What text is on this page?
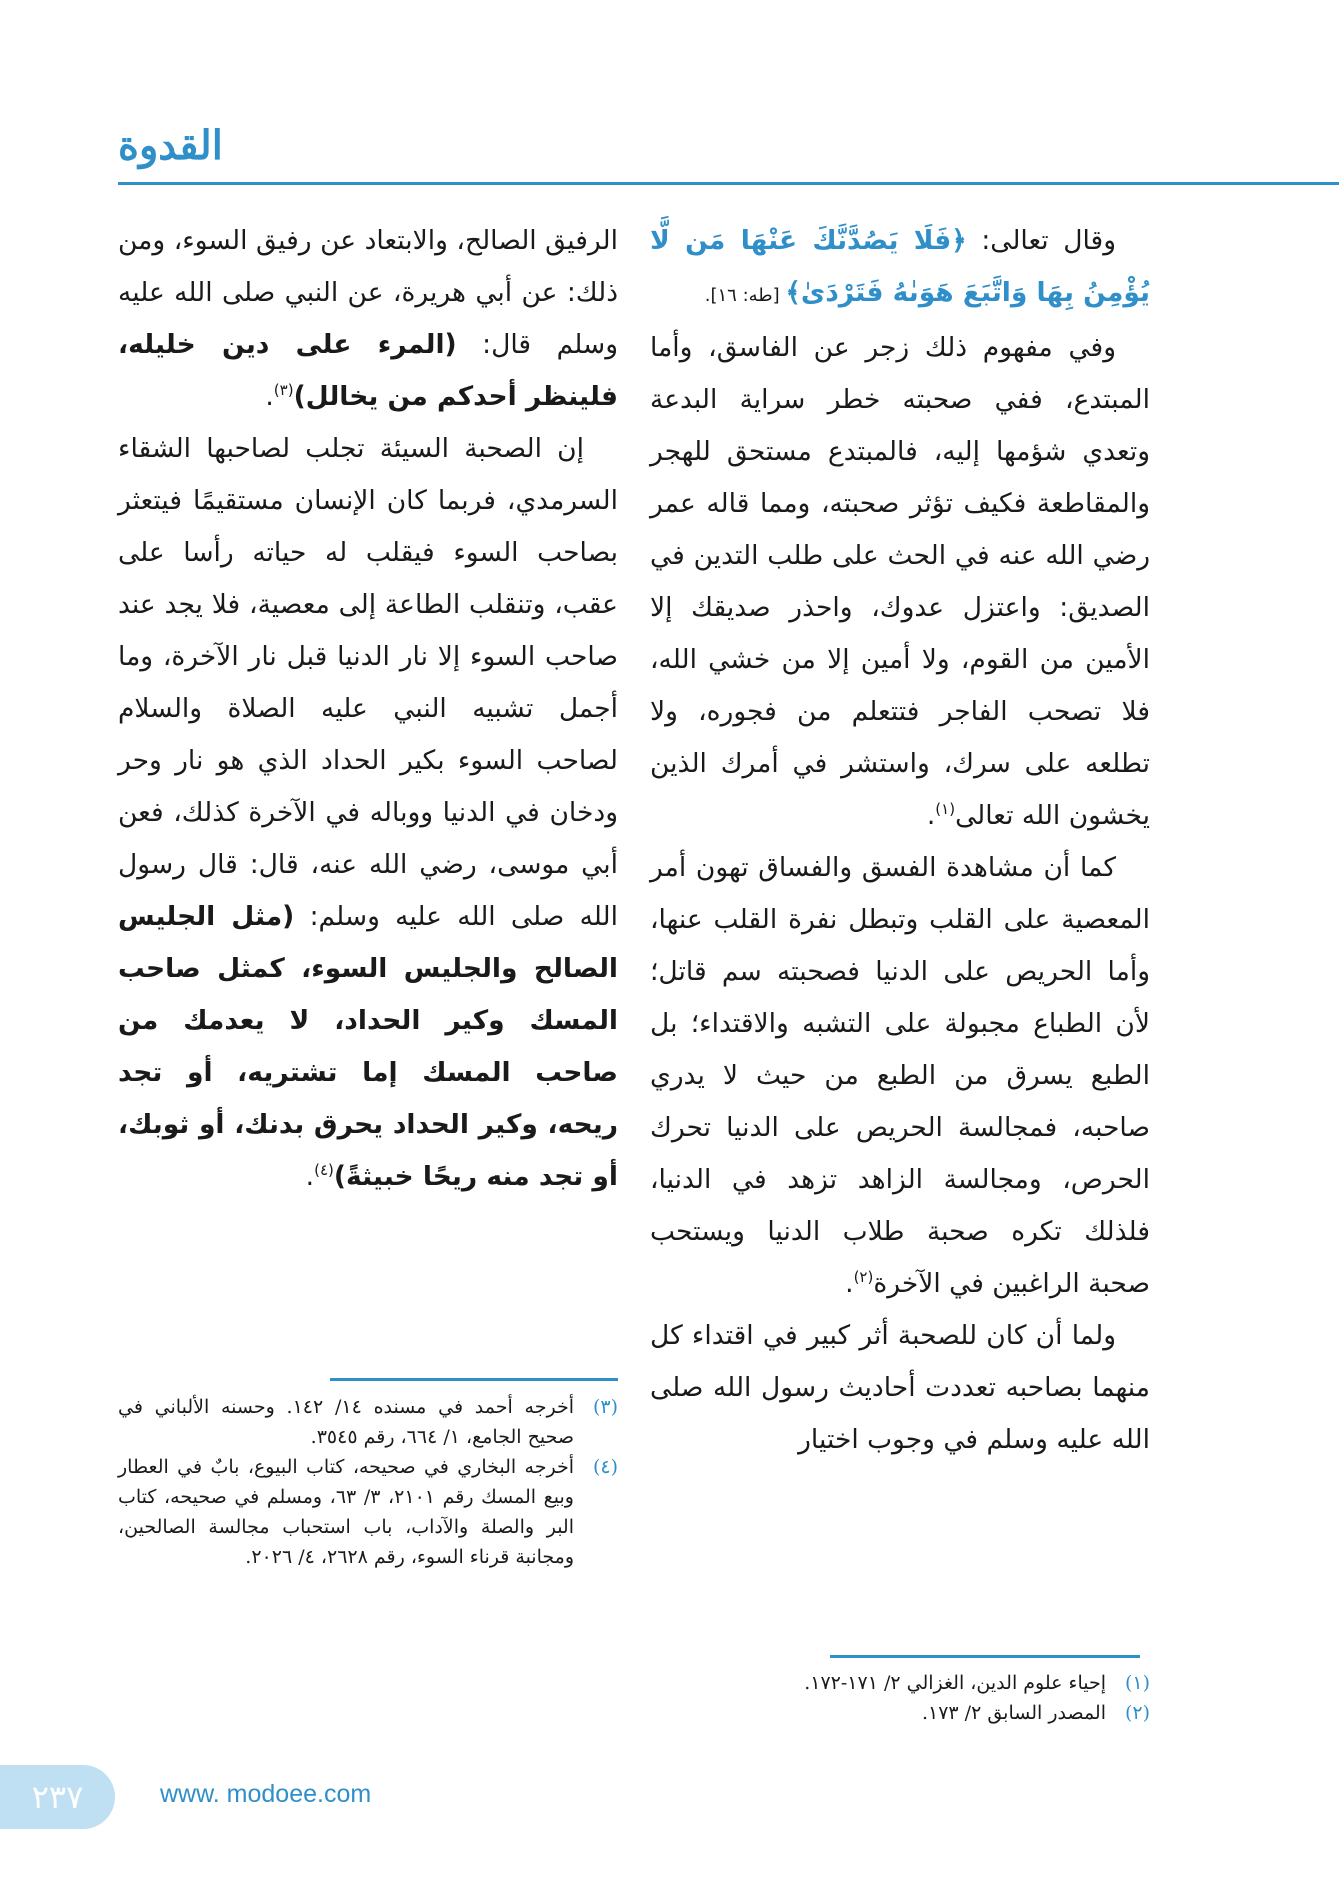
القدوة

وقال تعالى: ﴿فَلَا يَصُدَّنَّكَ عَنْهَا مَن لَّا يُؤْمِنُ بِهَا وَاتَّبَعَ هَوَىٰهُ فَتَرْدَىٰ﴾ [طه: ١٦].

وفي مفهوم ذلك زجر عن الفاسق، وأما المبتدع، ففي صحبته خطر سراية البدعة وتعدي شؤمها إليه، فالمبتدع مستحق للهجر والمقاطعة فكيف تؤثر صحبته، ومما قاله عمر رضي الله عنه في الحث على طلب التدين في الصديق: واعتزل عدوك، واحذر صديقك إلا الأمين من القوم، ولا أمين إلا من خشي الله، فلا تصحب الفاجر فتتعلم من فجوره، ولا تطلعه على سرك، واستشر في أمرك الذين يخشون الله تعالى$^{(١)}$.

كما أن مشاهدة الفسق والفساق تهون أمر المعصية على القلب وتبطل نفرة القلب عنها، وأما الحريص على الدنيا فصحبته سم قاتل؛ لأن الطباع مجبولة على التشبه والاقتداء؛ بل الطبع يسرق من الطبع من حيث لا يدري صاحبه، فمجالسة الحريص على الدنيا تحرك الحرص، ومجالسة الزاهد تزهد في الدنيا، فلذلك تكره صحبة طلاب الدنيا ويستحب صحبة الراغبين في الآخرة$^{(٢)}$.

ولما أن كان للصحبة أثر كبير في اقتداء كل منهما بصاحبه تعددت أحاديث رسول الله صلى الله عليه وسلم في وجوب اختيار

الرفيق الصالح، والابتعاد عن رفيق السوء، ومن ذلك: عن أبي هريرة، عن النبي صلى الله عليه وسلم قال: (المرء على دين خليله، فلينظر أحدكم من يخالل)$^{(٣)}$.

إن الصحبة السيئة تجلب لصاحبها الشقاء السرمدي، فربما كان الإنسان مستقيمًا فيتعثر بصاحب السوء فيقلب له حياته رأسا على عقب، وتنقلب الطاعة إلى معصية، فلا يجد عند صاحب السوء إلا نار الدنيا قبل نار الآخرة، وما أجمل تشبيه النبي عليه الصلاة والسلام لصاحب السوء بكير الحداد الذي هو نار وحر ودخان في الدنيا ووباله في الآخرة كذلك، فعن أبي موسى، رضي الله عنه، قال: قال رسول الله صلى الله عليه وسلم: (مثل الجليس الصالح والجليس السوء، كمثل صاحب المسك وكير الحداد، لا يعدمك من صاحب المسك إما تشتريه، أو تجد ريحه، وكير الحداد يحرق بدنك، أو ثوبك، أو تجد منه ريحًا خبيثةً)$^{(٤)}$.

(٣)
أخرجه أحمد في مسنده ١٤/ ١٤٢. وحسنه الألباني في صحيح الجامع، ١/ ٦٦٤، رقم ٣٥٤٥.
(٤)
أخرجه البخاري في صحيحه، كتاب البيوع، بابٌ في العطار وبيع المسك رقم ٢١٠١، ٣/ ٦٣، ومسلم في صحيحه، كتاب البر والصلة والآداب، باب استحباب مجالسة الصالحين، ومجانبة قرناء السوء، رقم ٢٦٢٨، ٤/ ٢٠٢٦.
(١)
إحياء علوم الدين، الغزالي ٢/ ١٧١-١٧٢.
(٢)
المصدر السابق ٢/ ١٧٣.
٢٣٧	www. modoee.com
